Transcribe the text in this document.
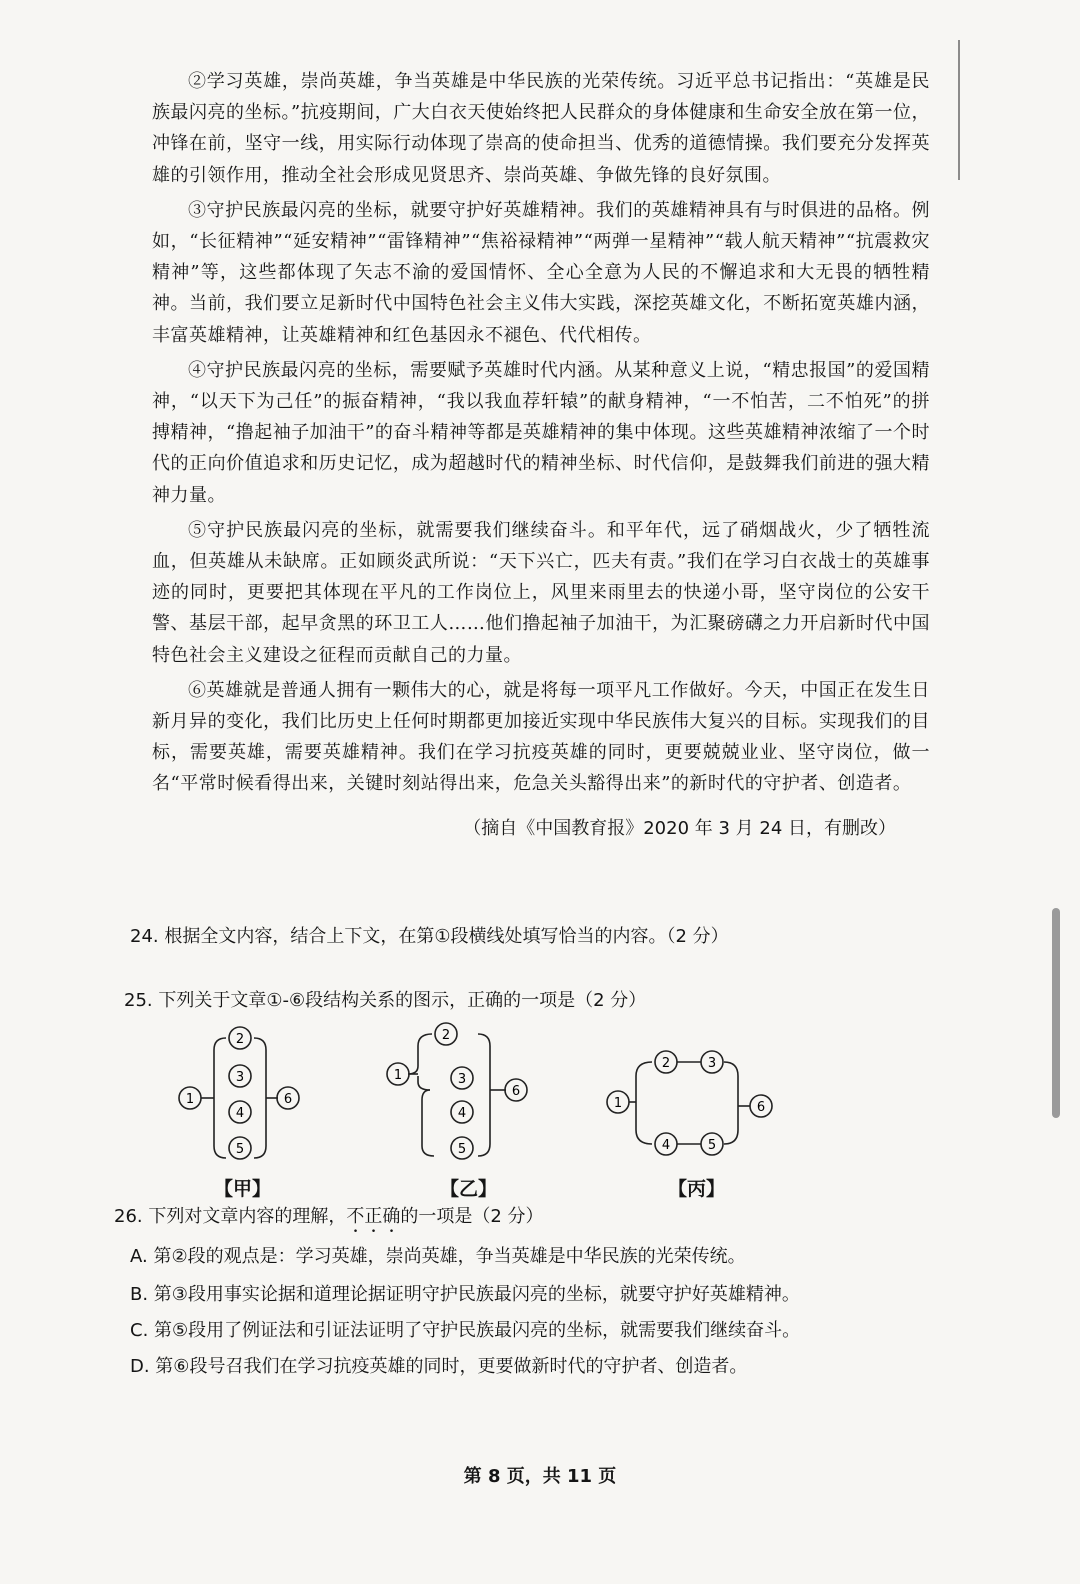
②学习英雄，崇尚英雄，争当英雄是中华民族的光荣传统。习近平总书记指出：“英雄是民族最闪亮的坐标。”抗疫期间，广大白衣天使始终把人民群众的身体健康和生命安全放在第一位，冲锋在前，坚守一线，用实际行动体现了崇高的使命担当、优秀的道德情操。我们要充分发挥英雄的引领作用，推动全社会形成见贤思齐、崇尚英雄、争做先锋的良好氛围。

③守护民族最闪亮的坐标，就要守护好英雄精神。我们的英雄精神具有与时俱进的品格。例如，“长征精神”“延安精神”“雷锋精神”“焦裕禄精神”“两弹一星精神”“载人航天精神”“抗震救灾精神”等，这些都体现了矢志不渝的爱国情怀、全心全意为人民的不懈追求和大无畏的牺牲精神。当前，我们要立足新时代中国特色社会主义伟大实践，深挖英雄文化，不断拓宽英雄内涵，丰富英雄精神，让英雄精神和红色基因永不褪色、代代相传。

④守护民族最闪亮的坐标，需要赋予英雄时代内涵。从某种意义上说，“精忠报国”的爱国精神，“以天下为己任”的振奋精神，“我以我血荐轩辕”的献身精神，“一不怕苦，二不怕死”的拼搏精神，“撸起袖子加油干”的奋斗精神等都是英雄精神的集中体现。这些英雄精神浓缩了一个时代的正向价值追求和历史记忆，成为超越时代的精神坐标、时代信仰，是鼓舞我们前进的强大精神力量。

⑤守护民族最闪亮的坐标，就需要我们继续奋斗。和平年代，远了硝烟战火，少了牺牲流血，但英雄从未缺席。正如顾炎武所说：“天下兴亡，匹夫有责。”我们在学习白衣战士的英雄事迹的同时，更要把其体现在平凡的工作岗位上，风里来雨里去的快递小哥，坚守岗位的公安干警、基层干部，起早贪黑的环卫工人……他们撸起袖子加油干，为汇聚磅礴之力开启新时代中国特色社会主义建设之征程而贡献自己的力量。

⑥英雄就是普通人拥有一颗伟大的心，就是将每一项平凡工作做好。今天，中国正在发生日新月异的变化，我们比历史上任何时期都更加接近实现中华民族伟大复兴的目标。实现我们的目标，需要英雄，需要英雄精神。我们在学习抗疫英雄的同时，更要兢兢业业、坚守岗位，做一名“平常时候看得出来，关键时刻站得出来，危急关头豁得出来”的新时代的守护者、创造者。

（摘自《中国教育报》2020 年 3 月 24 日，有删改）
24. 根据全文内容，结合上下文，在第①段横线处填写恰当的内容。（2 分）
25. 下列关于文章①-⑥段结构关系的图示，正确的一项是（2 分）
1
2
3
4
5
6
【甲】
1
2
3
4
5
6
【乙】
1
2	3
4	5
6
【丙】
26. 下列对文章内容的理解，不正确的一项是（2 分）
A. 第②段的观点是：学习英雄，崇尚英雄，争当英雄是中华民族的光荣传统。
B. 第③段用事实论据和道理论据证明守护民族最闪亮的坐标，就要守护好英雄精神。
C. 第⑤段用了例证法和引证法证明了守护民族最闪亮的坐标，就需要我们继续奋斗。
D. 第⑥段号召我们在学习抗疫英雄的同时，更要做新时代的守护者、创造者。
第 8 页，共 11 页
